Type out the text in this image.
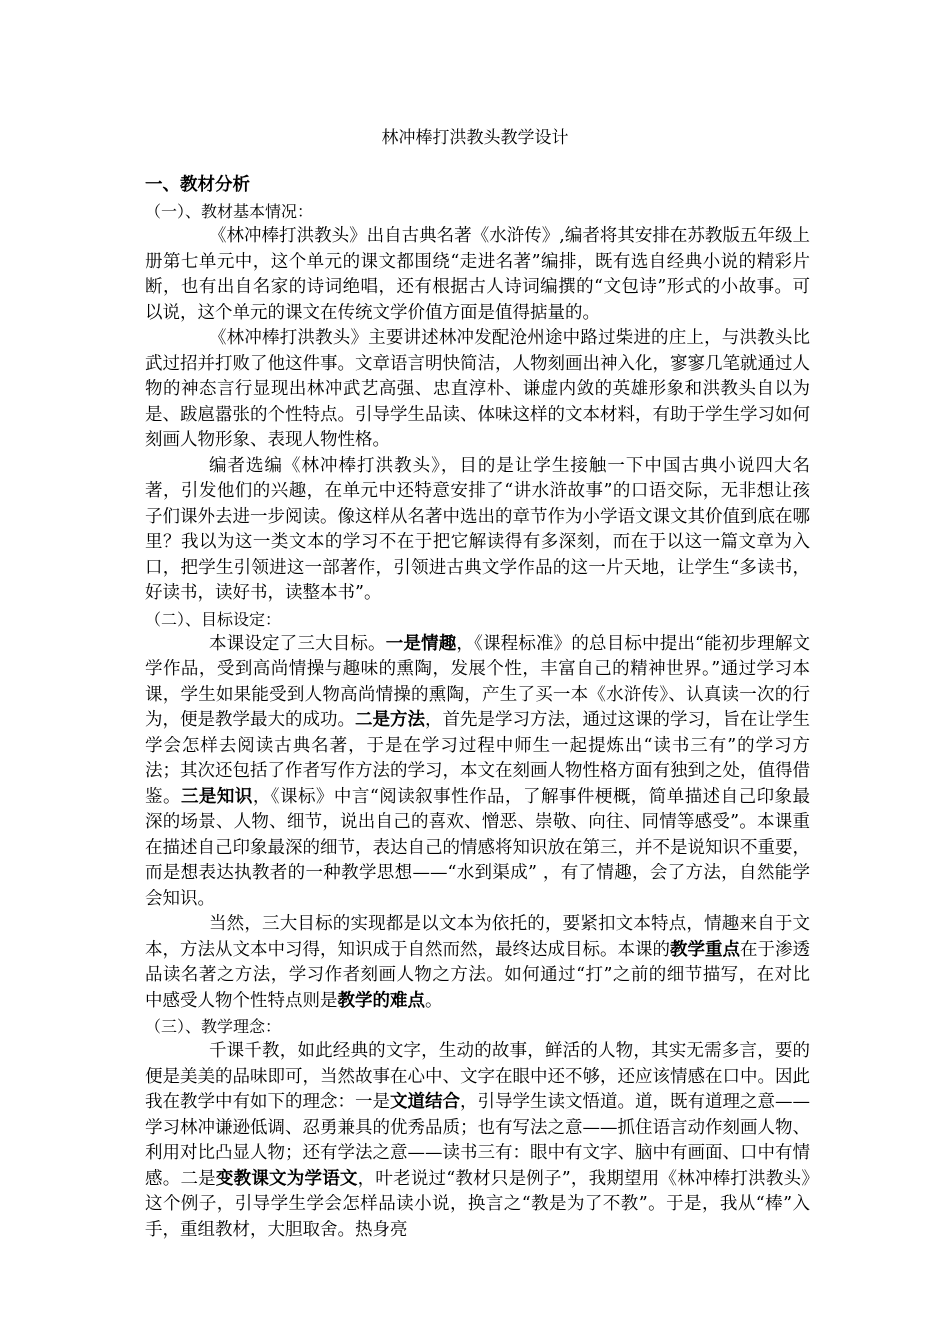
林冲棒打洪教头教学设计

一、教材分析

（一）、教材基本情况：

《林冲棒打洪教头》出自古典名著《水浒传》,编者将其安排在苏教版五年级上册第七单元中，这个单元的课文都围绕“走进名著”编排，既有选自经典小说的精彩片断，也有出自名家的诗词绝唱，还有根据古人诗词编撰的“文包诗”形式的小故事。可以说，这个单元的课文在传统文学价值方面是值得掂量的。

《林冲棒打洪教头》主要讲述林冲发配沧州途中路过柴进的庄上，与洪教头比武过招并打败了他这件事。文章语言明快简洁，人物刻画出神入化，寥寥几笔就通过人物的神态言行显现出林冲武艺高强、忠直淳朴、谦虚内敛的英雄形象和洪教头自以为是、跋扈嚣张的个性特点。引导学生品读、体味这样的文本材料，有助于学生学习如何刻画人物形象、表现人物性格。

编者选编《林冲棒打洪教头》，目的是让学生接触一下中国古典小说四大名著，引发他们的兴趣，在单元中还特意安排了“讲水浒故事”的口语交际，无非想让孩子们课外去进一步阅读。像这样从名著中选出的章节作为小学语文课文其价值到底在哪里？我以为这一类文本的学习不在于把它解读得有多深刻，而在于以这一篇文章为入口，把学生引领进这一部著作，引领进古典文学作品的这一片天地，让学生“多读书，好读书，读好书，读整本书”。

（二）、目标设定：

本课设定了三大目标。一是情趣，《课程标准》的总目标中提出“能初步理解文学作品，受到高尚情操与趣味的熏陶，发展个性，丰富自己的精神世界。”通过学习本课，学生如果能受到人物高尚情操的熏陶，产生了买一本《水浒传》、认真读一次的行为，便是教学最大的成功。二是方法，首先是学习方法，通过这课的学习，旨在让学生学会怎样去阅读古典名著，于是在学习过程中师生一起提炼出“读书三有”的学习方法；其次还包括了作者写作方法的学习，本文在刻画人物性格方面有独到之处，值得借鉴。三是知识，《课标》中言“阅读叙事性作品，了解事件梗概，简单描述自己印象最深的场景、人物、细节，说出自己的喜欢、憎恶、崇敬、向往、同情等感受”。本课重在描述自己印象最深的细节，表达自己的情感将知识放在第三，并不是说知识不重要，而是想表达执教者的一种教学思想——“水到渠成” ，有了情趣，会了方法，自然能学会知识。

当然，三大目标的实现都是以文本为依托的，要紧扣文本特点，情趣来自于文本，方法从文本中习得，知识成于自然而然，最终达成目标。本课的教学重点在于渗透品读名著之方法，学习作者刻画人物之方法。如何通过“打”之前的细节描写，在对比中感受人物个性特点则是教学的难点。

（三）、教学理念：

千课千教，如此经典的文字，生动的故事，鲜活的人物，其实无需多言，要的便是美美的品味即可，当然故事在心中、文字在眼中还不够，还应该情感在口中。因此我在教学中有如下的理念：一是文道结合，引导学生读文悟道。道，既有道理之意——学习林冲谦逊低调、忍勇兼具的优秀品质；也有写法之意——抓住语言动作刻画人物、利用对比凸显人物；还有学法之意——读书三有：眼中有文字、脑中有画面、口中有情感。二是变教课文为学语文，叶老说过“教材只是例子”，我期望用《林冲棒打洪教头》这个例子，引导学生学会怎样品读小说，换言之“教是为了不教”。于是，我从“棒”入手，重组教材，大胆取舍。热身亮
